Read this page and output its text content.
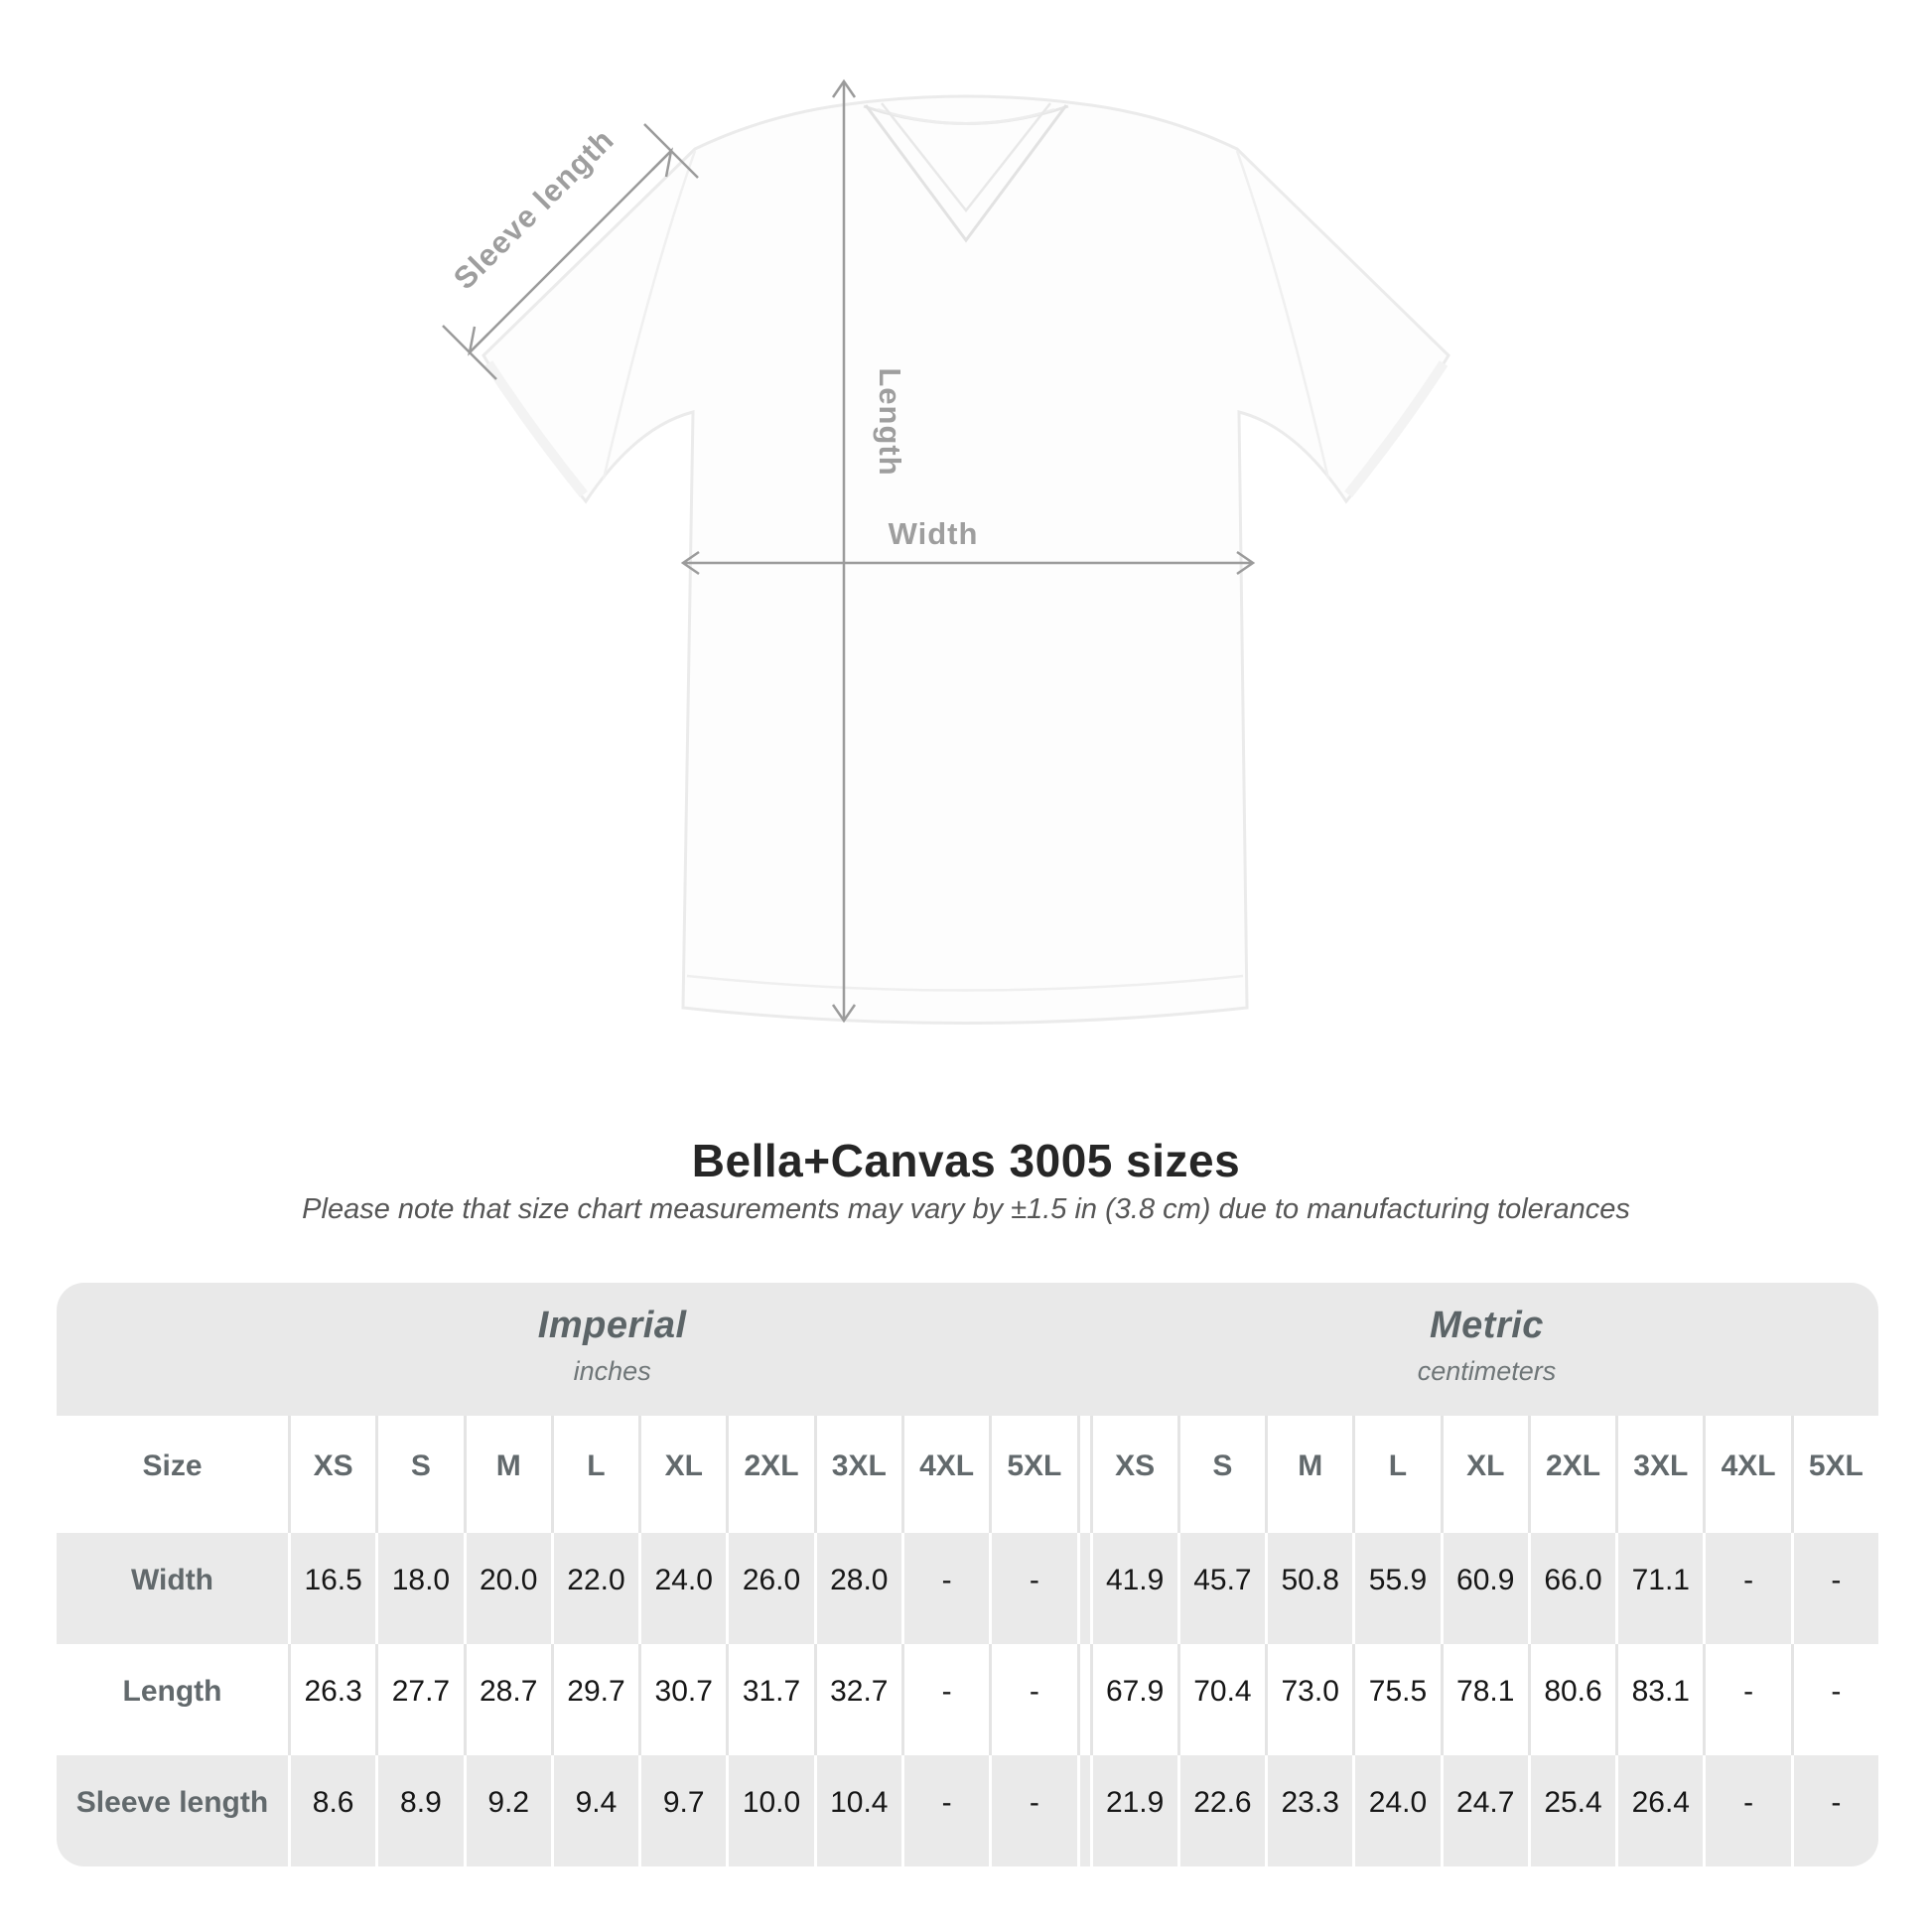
Sleeve length
Length
Width
Bella+Canvas 3005 sizes
Please note that size chart measurements may vary by ±1.5 in (3.8 cm) due to manufacturing tolerances
Imperial
inches
Metric
centimeters
Size	XS	S	M	L	XL	2XL	3XL	4XL	5XL	XS	S	M	L	XL	2XL	3XL	4XL	5XL
Width	16.5 18.0 20.0 22.0 24.0 26.0 28.0	-	-	41.9 45.7 50.8 55.9 60.9 66.0 71.1	-	-
Length	26.3 27.7 28.7 29.7 30.7 31.7 32.7	-	-	67.9 70.4 73.0 75.5 78.1 80.6 83.1	-	-
Sleeve length	8.6	8.9	9.2	9.4	9.7	10.0 10.4	-	-	21.9 22.6 23.3 24.0 24.7 25.4 26.4	-	-
